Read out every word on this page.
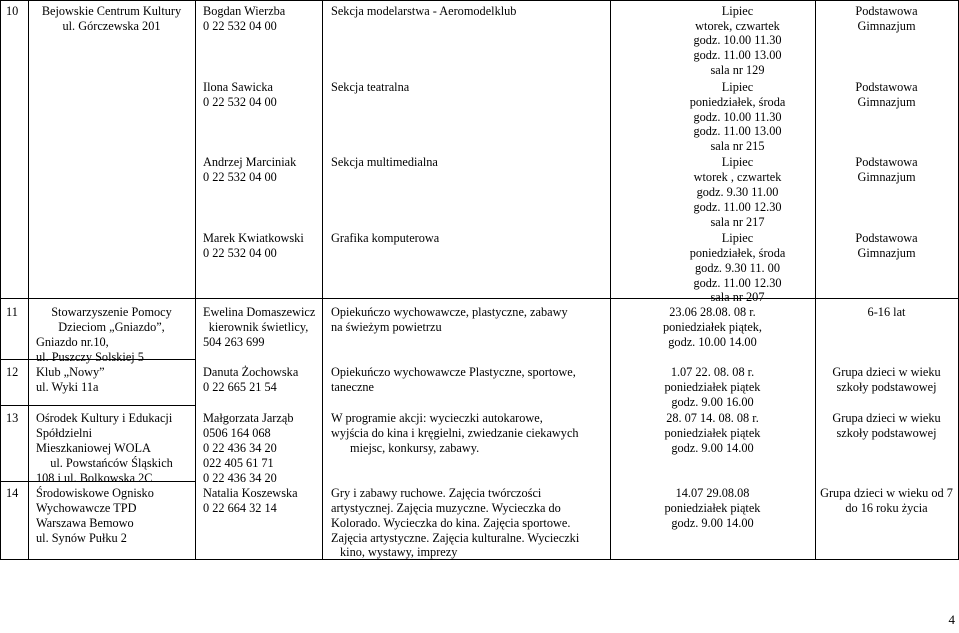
10	Bejowskie Centrum Kultury
ul. Górczewska 201
Bogdan Wierzba
0 22 532 04 00
Ilona Sawicka
0 22 532 04 00
Andrzej Marciniak
0 22 532 04 00
Marek Kwiatkowski
0 22 532 04 00
Sekcja modelarstwa - Aeromodelklub
Sekcja teatralna
Sekcja multimedialna
Grafika komputerowa
Lipiec
wtorek, czwartek
godz. 10.00 11.30
godz. 11.00 13.00
sala nr 129
Lipiec
poniedziałek, środa
godz. 10.00 11.30
godz. 11.00 13.00
sala nr 215
Lipiec
wtorek , czwartek
godz. 9.30 11.00
godz. 11.00 12.30
sala nr 217
Lipiec
poniedziałek, środa
godz. 9.30 11. 00
godz. 11.00 12.30
sala nr 207
Podstawowa
Gimnazjum
Podstawowa
Gimnazjum
Podstawowa
Gimnazjum
Podstawowa
Gimnazjum
11	Stowarzyszenie Pomocy
Dzieciom „Gniazdo”,
Gniazdo nr.10,
ul. Puszczy Solskiej 5
Ewelina Domaszewicz
kierownik świetlicy,
504 263 699
Opiekuńczo wychowawcze, plastyczne, zabawy
na świeżym powietrzu
23.06 28.08. 08 r.
poniedziałek piątek,
godz. 10.00 14.00
6-16 lat
12 Klub „Nowy”
ul. Wyki 11a
Danuta Żochowska
0 22 665 21 54
Opiekuńczo wychowawcze Plastyczne, sportowe,
taneczne
1.07 22. 08. 08 r.
poniedziałek piątek
godz. 9.00 16.00
Grupa dzieci w wieku
szkoły podstawowej
13 Ośrodek Kultury i Edukacji
Spółdzielni
Mieszkaniowej WOLA
ul. Powstańców Śląskich
108 i ul. Bolkowska 2C
Małgorzata Jarząb
0506 164 068
0 22 436 34 20
022 405 61 71
0 22 436 34 20
W programie akcji: wycieczki autokarowe,
wyjścia do kina i kręgielni, zwiedzanie ciekawych
miejsc, konkursy, zabawy.
28. 07 14. 08. 08 r.
poniedziałek piątek
godz. 9.00 14.00
Grupa dzieci w wieku
szkoły podstawowej
14 Środowiskowe Ognisko
Wychowawcze TPD
Warszawa Bemowo
ul. Synów Pułku 2
Natalia Koszewska
0 22 664 32 14
Gry i zabawy ruchowe. Zajęcia twórczości
artystycznej. Zajęcia muzyczne. Wycieczka do
Kolorado. Wycieczka do kina. Zajęcia sportowe.
Zajęcia artystyczne. Zajęcia kulturalne. Wycieczki
kino, wystawy, imprezy
14.07 29.08.08
poniedziałek piątek
godz. 9.00 14.00
Grupa dzieci w wieku od 7
do 16 roku życia
4
